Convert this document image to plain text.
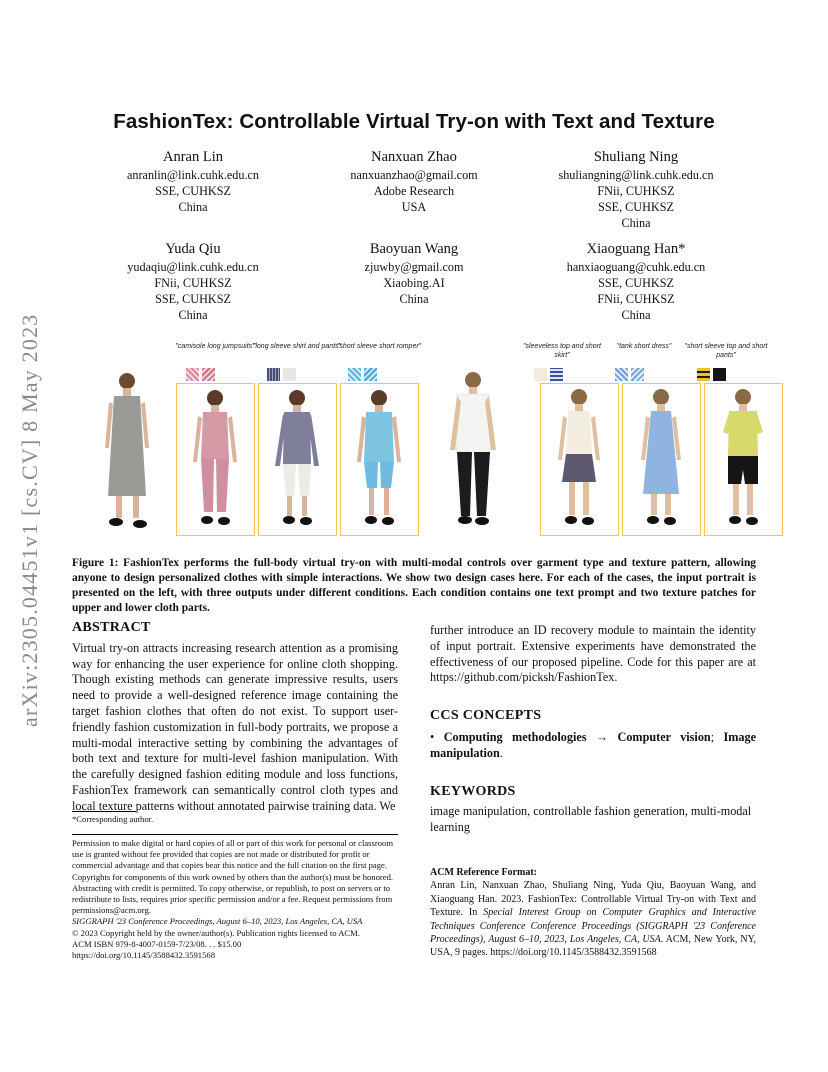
arXiv:2305.04451v1 [cs.CV] 8 May 2023
FashionTex: Controllable Virtual Try-on with Text and Texture
Anran Lin
anranlin@link.cuhk.edu.cn
SSE, CUHKSZ
China
Nanxuan Zhao
nanxuanzhao@gmail.com
Adobe Research
USA
Shuliang Ning
shuliangning@link.cuhk.edu.cn
FNii, CUHKSZ
SSE, CUHKSZ
China
Yuda Qiu
yudaqiu@link.cuhk.edu.cn
FNii, CUHKSZ
SSE, CUHKSZ
China
Baoyuan Wang
zjuwby@gmail.com
Xiaobing.AI
China
Xiaoguang Han*
hanxiaoguang@cuhk.edu.cn
SSE, CUHKSZ
FNii, CUHKSZ
China
"camisole long jumpsuits"
"long sleeve shirt and pants"
"short sleeve short romper"	"sleeveless top and short skirt"
"tank short dress"	"short sleeve top and short pants"
Figure 1: FashionTex performs the full-body virtual try-on with multi-modal controls over garment type and texture pattern, allowing anyone to design personalized clothes with simple interactions. We show two design cases here. For each of the cases, the input portrait is presented on the left, with three outputs under different conditions. Each condition contains one text prompt and two texture patches for upper and lower cloth parts.
ABSTRACT
Virtual try-on attracts increasing research attention as a promising way for enhancing the user experience for online cloth shopping. Though existing methods can generate impressive results, users need to provide a well-designed reference image containing the target fashion clothes that often do not exist. To support user-friendly fashion customization in full-body portraits, we propose a multi-modal interactive setting by combining the advantages of both text and texture for multi-level fashion manipulation. With the carefully designed fashion editing module and loss functions, FashionTex framework can semantically control cloth types and local texture patterns without annotated pairwise training data. We
*Corresponding author.
Permission to make digital or hard copies of all or part of this work for personal or classroom use is granted without fee provided that copies are not made or distributed for profit or commercial advantage and that copies bear this notice and the full citation on the first page. Copyrights for components of this work owned by others than the author(s) must be honored. Abstracting with credit is permitted. To copy otherwise, or republish, to post on servers or to redistribute to lists, requires prior specific permission and/or a fee. Request permissions from permissions@acm.org.
SIGGRAPH '23 Conference Proceedings, August 6–10, 2023, Los Angeles, CA, USA
© 2023 Copyright held by the owner/author(s). Publication rights licensed to ACM.
ACM ISBN 979-8-4007-0159-7/23/08. . . $15.00
https://doi.org/10.1145/3588432.3591568
further introduce an ID recovery module to maintain the identity of input portrait. Extensive experiments have demonstrated the effectiveness of our proposed pipeline. Code for this paper are at https://github.com/picksh/FashionTex.
CCS CONCEPTS
• Computing methodologies → Computer vision; Image manipulation.
KEYWORDS
image manipulation, controllable fashion generation, multi-modal learning
ACM Reference Format:
Anran Lin, Nanxuan Zhao, Shuliang Ning, Yuda Qiu, Baoyuan Wang, and Xiaoguang Han. 2023. FashionTex: Controllable Virtual Try-on with Text and Texture. In Special Interest Group on Computer Graphics and Interactive Techniques Conference Conference Proceedings (SIGGRAPH '23 Conference Proceedings), August 6–10, 2023, Los Angeles, CA, USA. ACM, New York, NY, USA, 9 pages. https://doi.org/10.1145/3588432.3591568
